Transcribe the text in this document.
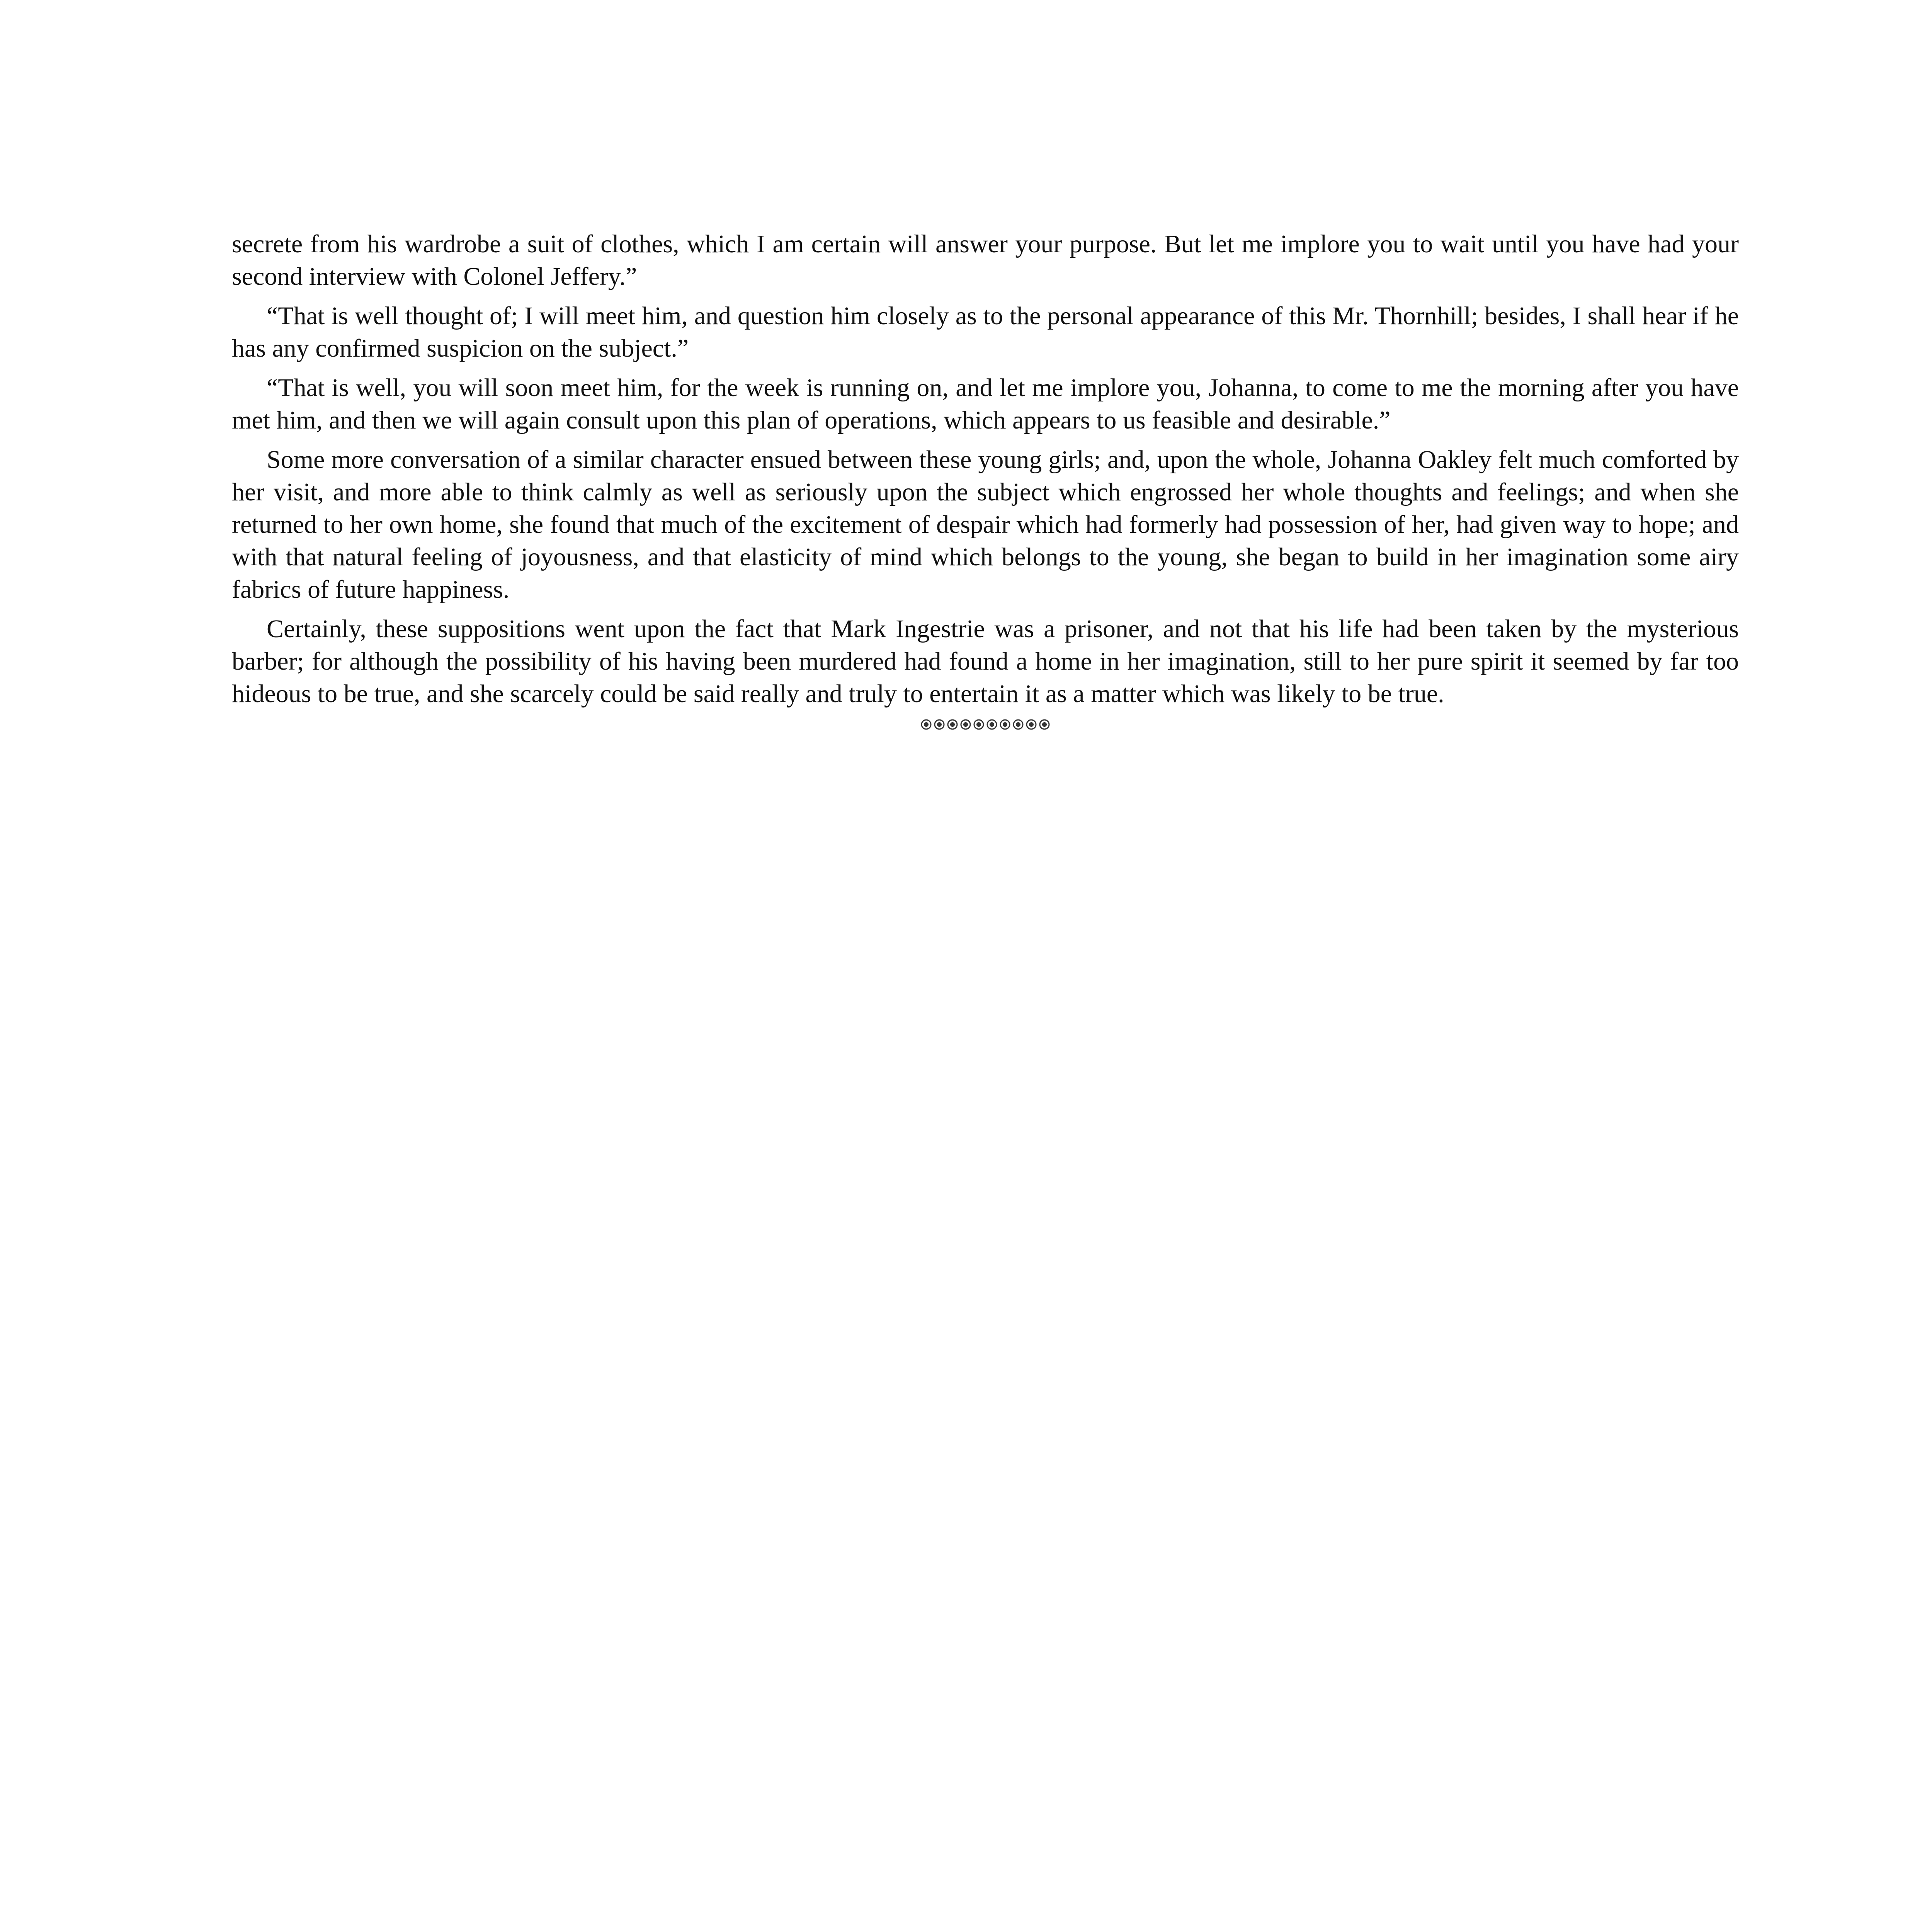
secrete from his wardrobe a suit of clothes, which I am certain will answer your purpose. But let me implore you to wait until you have had your second interview with Colonel Jeffery.”

“That is well thought of; I will meet him, and question him closely as to the personal appearance of this Mr. Thornhill; besides, I shall hear if he has any confirmed suspicion on the subject.”

“That is well, you will soon meet him, for the week is running on, and let me implore you, Johanna, to come to me the morning after you have met him, and then we will again consult upon this plan of operations, which appears to us feasible and desirable.”

Some more conversation of a similar character ensued between these young girls; and, upon the whole, Johanna Oakley felt much comforted by her visit, and more able to think calmly as well as seriously upon the subject which engrossed her whole thoughts and feelings; and when she returned to her own home, she found that much of the excitement of despair which had formerly had possession of her, had given way to hope; and with that natural feeling of joyousness, and that elasticity of mind which belongs to the young, she began to build in her imagination some airy fabrics of future happiness.

Certainly, these suppositions went upon the fact that Mark Ingestrie was a prisoner, and not that his life had been taken by the mysterious barber; for although the possibility of his having been murdered had found a home in her imagination, still to her pure spirit it seemed by far too hideous to be true, and she scarcely could be said really and truly to entertain it as a matter which was likely to be true.
